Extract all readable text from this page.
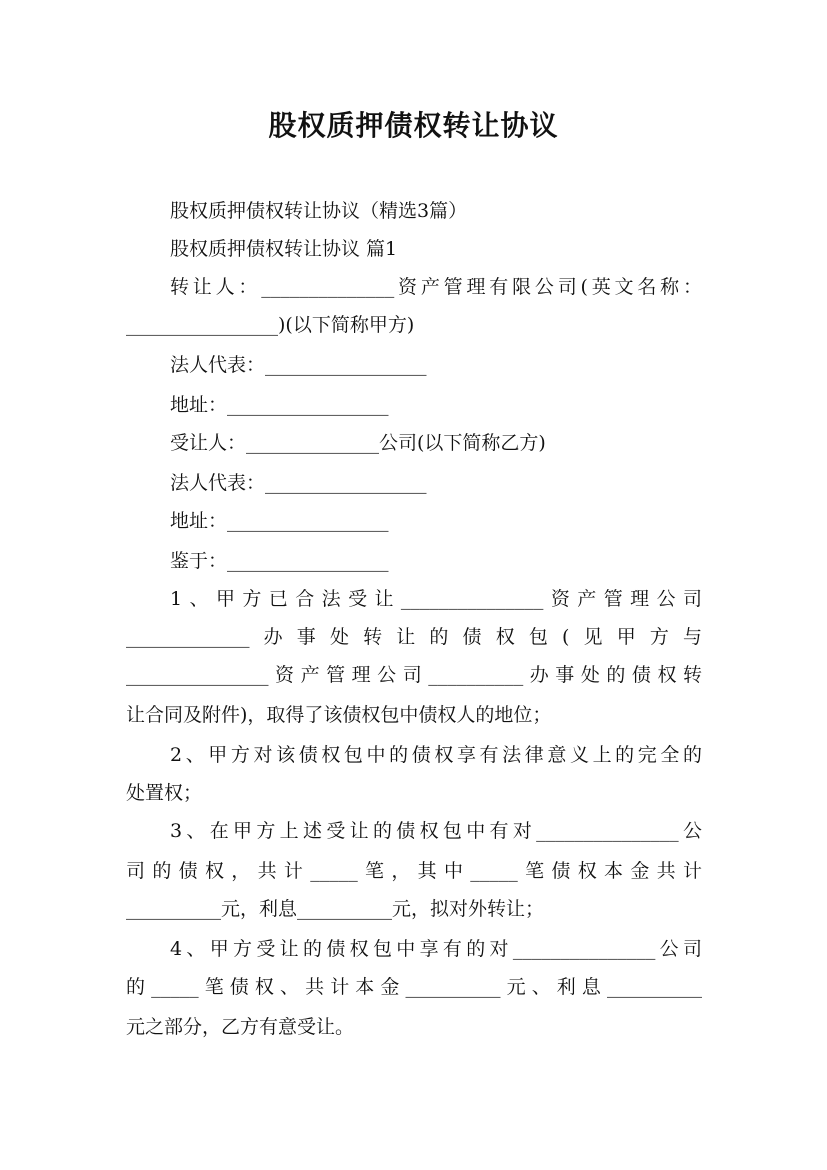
股权质押债权转让协议
股权质押债权转让协议（精选3篇）
股权质押债权转让协议 篇1
转让人：______________资产管理有限公司(英文名称：
________________)(以下简称甲方)
法人代表：_________________
地址：_________________
受让人：______________公司(以下简称乙方)
法人代表：_________________
地址：_________________
鉴于：_________________
1、甲方已合法受让_______________资产管理公司
_____________办事处转让的债权包(见甲方与
_______________资产管理公司__________办事处的债权转
让合同及附件)，取得了该债权包中债权人的地位；
2、甲方对该债权包中的债权享有法律意义上的完全的
处置权；
3、在甲方上述受让的债权包中有对_______________公
司的债权，共计_____笔，其中_____笔债权本金共计
__________元，利息__________元，拟对外转让；
4、甲方受让的债权包中享有的对_______________公司
的_____笔债权、共计本金__________元、利息__________
元之部分，乙方有意受让。
